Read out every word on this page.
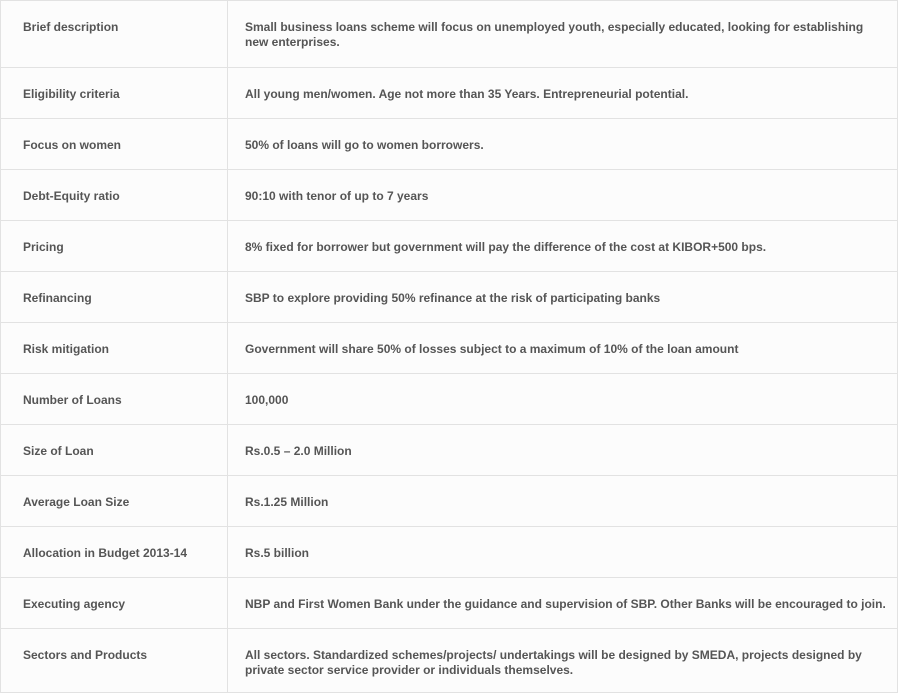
Brief description	Small business loans scheme will focus on unemployed youth, especially educated, looking for establishing new enterprises.
Eligibility criteria	All young men/women. Age not more than 35 Years. Entrepreneurial potential.
Focus on women	50% of loans will go to women borrowers.
Debt-Equity ratio	90:10 with tenor of up to 7 years
Pricing	8% fixed for borrower but government will pay the difference of the cost at KIBOR+500 bps.
Refinancing	SBP to explore providing 50% refinance at the risk of participating banks
Risk mitigation	Government will share 50% of losses subject to a maximum of 10% of the loan amount
Number of Loans	100,000
Size of Loan	Rs.0.5 – 2.0 Million
Average Loan Size	Rs.1.25 Million
Allocation in Budget 2013-14	Rs.5 billion
Executing agency	NBP and First Women Bank under the guidance and supervision of SBP. Other Banks will be encouraged to join.
Sectors and Products	All sectors. Standardized schemes/projects/ undertakings will be designed by SMEDA, projects designed by private sector service provider or individuals themselves.
